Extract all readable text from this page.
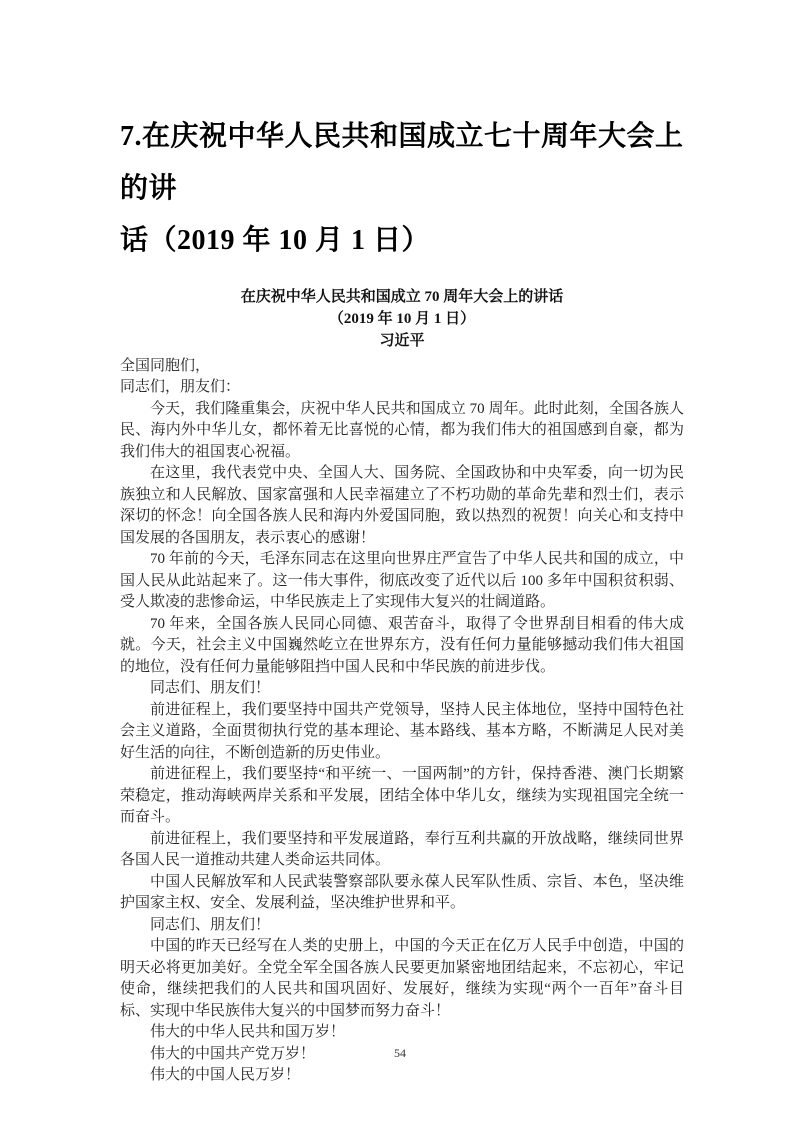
7.在庆祝中华人民共和国成立七十周年大会上的讲
话（2019 年 10 月 1 日）
在庆祝中华人民共和国成立 70 周年大会上的讲话
（2019 年 10 月 1 日）
习近平

全国同胞们，

同志们，朋友们：

今天，我们隆重集会，庆祝中华人民共和国成立 70 周年。此时此刻，全国各族人民、海内外中华儿女，都怀着无比喜悦的心情，都为我们伟大的祖国感到自豪，都为我们伟大的祖国衷心祝福。

在这里，我代表党中央、全国人大、国务院、全国政协和中央军委，向一切为民族独立和人民解放、国家富强和人民幸福建立了不朽功勋的革命先辈和烈士们，表示深切的怀念！向全国各族人民和海内外爱国同胞，致以热烈的祝贺！向关心和支持中国发展的各国朋友，表示衷心的感谢！

70 年前的今天，毛泽东同志在这里向世界庄严宣告了中华人民共和国的成立，中国人民从此站起来了。这一伟大事件，彻底改变了近代以后 100 多年中国积贫积弱、受人欺凌的悲惨命运，中华民族走上了实现伟大复兴的壮阔道路。

70 年来，全国各族人民同心同德、艰苦奋斗，取得了令世界刮目相看的伟大成就。今天，社会主义中国巍然屹立在世界东方，没有任何力量能够撼动我们伟大祖国的地位，没有任何力量能够阻挡中国人民和中华民族的前进步伐。

同志们、朋友们！

前进征程上，我们要坚持中国共产党领导，坚持人民主体地位，坚持中国特色社会主义道路，全面贯彻执行党的基本理论、基本路线、基本方略，不断满足人民对美好生活的向往，不断创造新的历史伟业。

前进征程上，我们要坚持“和平统一、一国两制”的方针，保持香港、澳门长期繁荣稳定，推动海峡两岸关系和平发展，团结全体中华儿女，继续为实现祖国完全统一而奋斗。

前进征程上，我们要坚持和平发展道路，奉行互利共赢的开放战略，继续同世界各国人民一道推动共建人类命运共同体。

中国人民解放军和人民武装警察部队要永葆人民军队性质、宗旨、本色，坚决维护国家主权、安全、发展利益，坚决维护世界和平。

同志们、朋友们！

中国的昨天已经写在人类的史册上，中国的今天正在亿万人民手中创造，中国的明天必将更加美好。全党全军全国各族人民要更加紧密地团结起来，不忘初心，牢记使命，继续把我们的人民共和国巩固好、发展好，继续为实现“两个一百年”奋斗目标、实现中华民族伟大复兴的中国梦而努力奋斗！

伟大的中华人民共和国万岁！

伟大的中国共产党万岁！

伟大的中国人民万岁！

54
